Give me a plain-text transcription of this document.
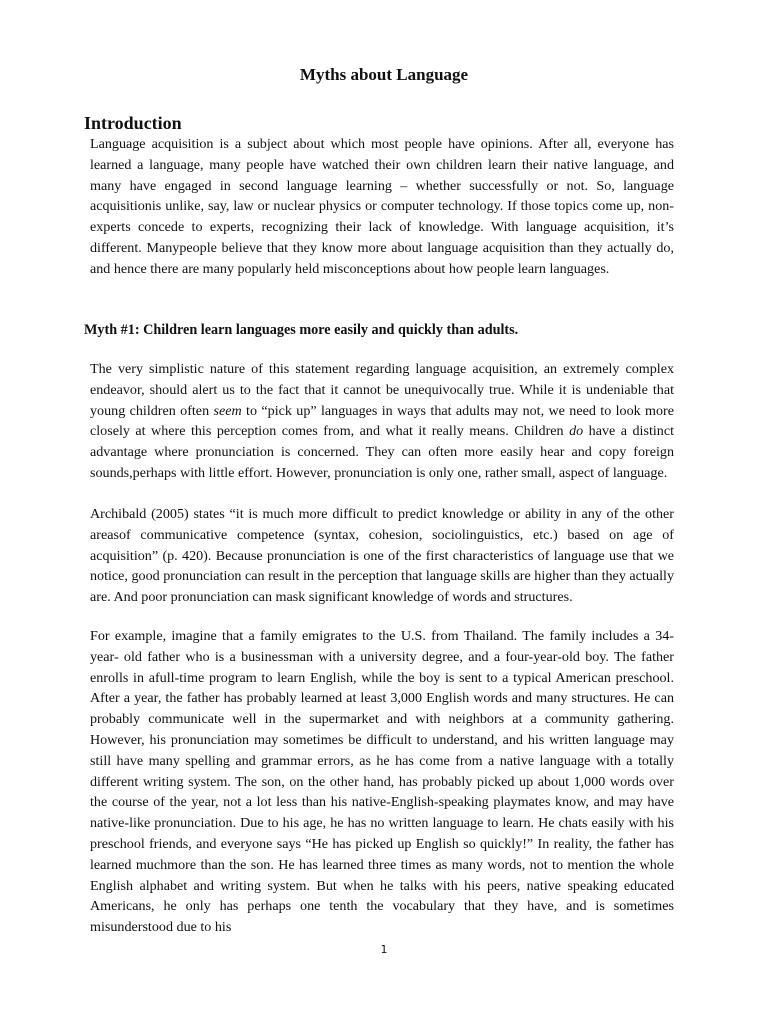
Myths about Language
Introduction

Language acquisition is a subject about which most people have opinions. After all, everyone has learned a language, many people have watched their own children learn their native language, and many have engaged in second language learning – whether successfully or not. So, language acquisitionis unlike, say, law or nuclear physics or computer technology. If those topics come up, non-experts concede to experts, recognizing their lack of knowledge. With language acquisition, it’s different. Manypeople believe that they know more about language acquisition than they actually do, and hence there are many popularly held misconceptions about how people learn languages.

Myth #1: Children learn languages more easily and quickly than adults.

The very simplistic nature of this statement regarding language acquisition, an extremely complex endeavor, should alert us to the fact that it cannot be unequivocally true. While it is undeniable that young children often seem to “pick up” languages in ways that adults may not, we need to look more closely at where this perception comes from, and what it really means. Children do have a distinct advantage where pronunciation is concerned. They can often more easily hear and copy foreign sounds,perhaps with little effort. However, pronunciation is only one, rather small, aspect of language.

Archibald (2005) states “it is much more difficult to predict knowledge or ability in any of the other areasof communicative competence (syntax, cohesion, sociolinguistics, etc.) based on age of acquisition” (p. 420). Because pronunciation is one of the first characteristics of language use that we notice, good pronunciation can result in the perception that language skills are higher than they actually are. And poor pronunciation can mask significant knowledge of words and structures.

For example, imagine that a family emigrates to the U.S. from Thailand. The family includes a 34-year- old father who is a businessman with a university degree, and a four-year-old boy. The father enrolls in afull-time program to learn English, while the boy is sent to a typical American preschool. After a year, the father has probably learned at least 3,000 English words and many structures. He can probably communicate well in the supermarket and with neighbors at a community gathering. However, his pronunciation may sometimes be difficult to understand, and his written language may still have many spelling and grammar errors, as he has come from a native language with a totally different writing system. The son, on the other hand, has probably picked up about 1,000 words over the course of the year, not a lot less than his native-English-speaking playmates know, and may have native-like pronunciation. Due to his age, he has no written language to learn. He chats easily with his preschool friends, and everyone says “He has picked up English so quickly!” In reality, the father has learned muchmore than the son. He has learned three times as many words, not to mention the whole English alphabet and writing system. But when he talks with his peers, native speaking educated Americans, he only has perhaps one tenth the vocabulary that they have, and is sometimes misunderstood due to his

1
